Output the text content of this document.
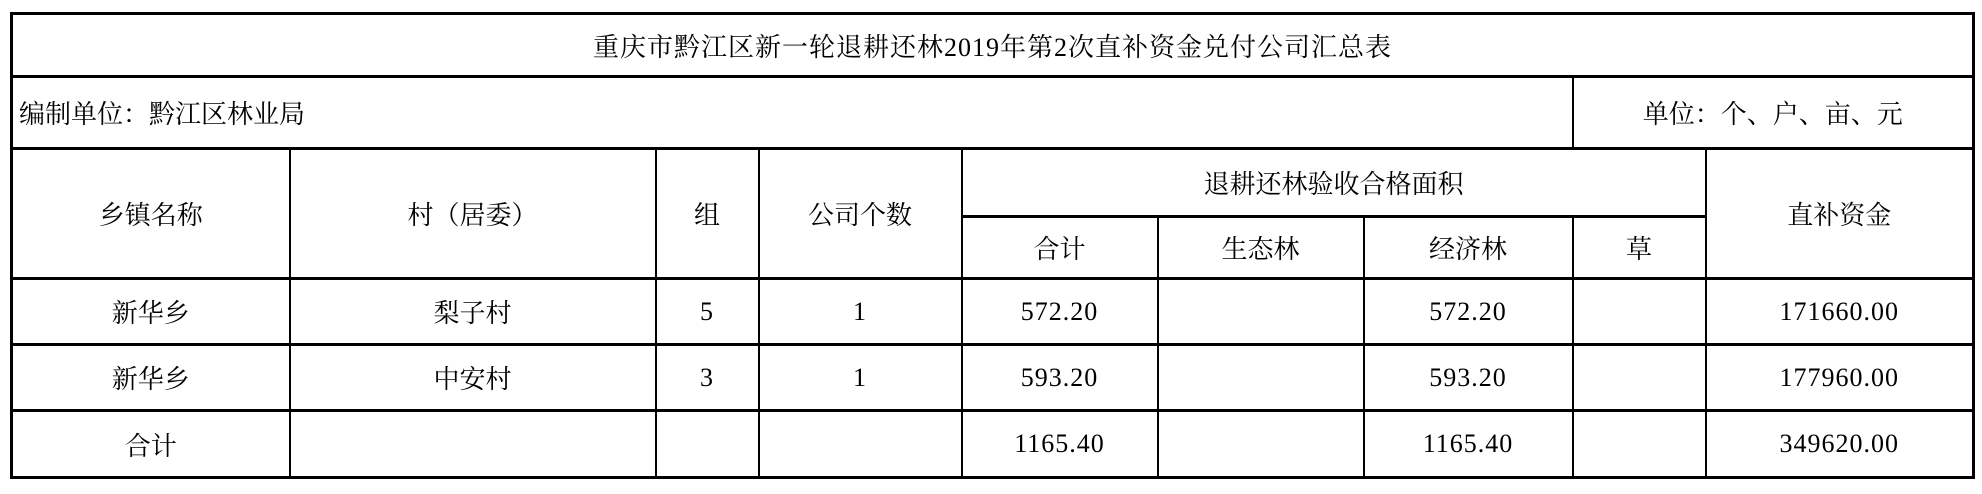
重庆市黔江区新一轮退耕还林2019年第2次直补资金兑付公司汇总表								
编制单位：黔江区林业局							单位：个、户、亩、元	
乡镇名称	村（居委）	组	公司个数	退耕还林验收合格面积				直补资金
				合计	生态林	经济林	草	
新华乡	梨子村	5	1	572.20		572.20		171660.00
新华乡	中安村	3	1	593.20		593.20		177960.00
合计				1165.40		1165.40		349620.00
